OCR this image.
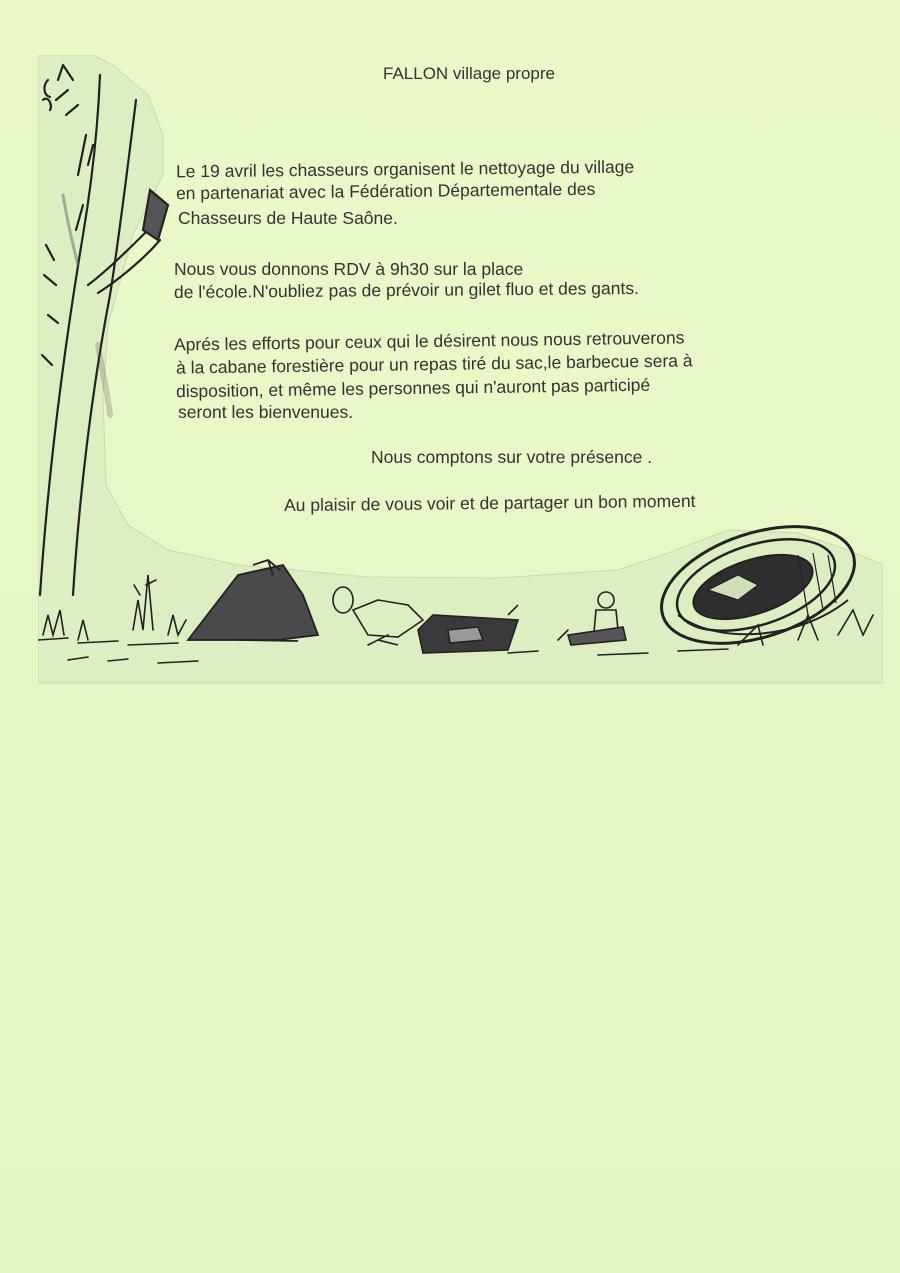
FALLON village propre

Le 19 avril les chasseurs organisent le nettoyage du village

en partenariat avec la Fédération Départementale des

Chasseurs de Haute Saône.

Nous vous donnons RDV à 9h30 sur la place

de l'école.N'oubliez pas de prévoir un gilet fluo et des gants.

Aprés les efforts pour ceux qui le désirent nous nous retrouverons

à la cabane forestière pour un repas tiré du sac,le barbecue sera à

disposition, et même les personnes qui n'auront pas participé

seront les bienvenues.

Nous comptons sur votre présence .

Au plaisir de vous voir et de partager un bon moment
